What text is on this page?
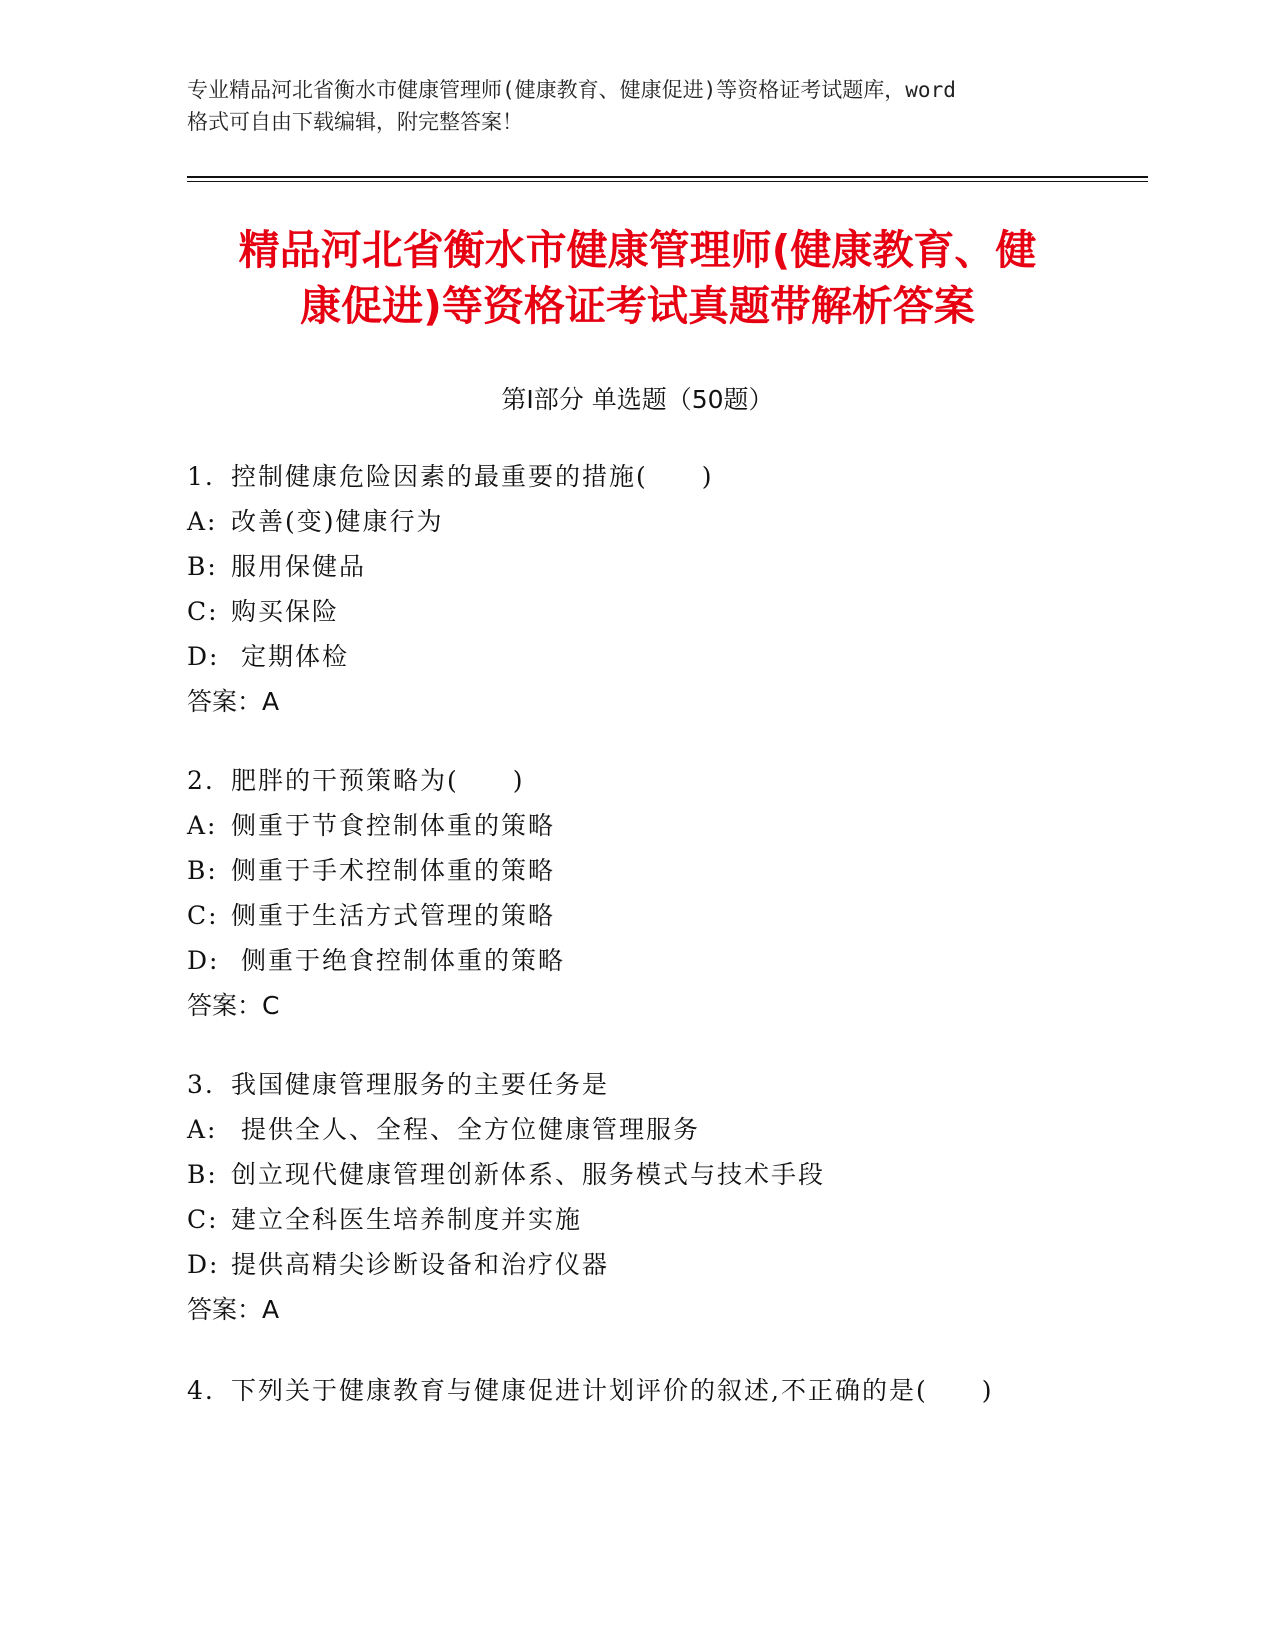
专业精品河北省衡水市健康管理师(健康教育、健康促进)等资格证考试题库，word
格式可自由下载编辑，附完整答案！
精品河北省衡水市健康管理师(健康教育、健
康促进)等资格证考试真题带解析答案
第Ⅰ部分 单选题（50题）
1. 控制健康危险因素的最重要的措施(　　)
A: 改善(变)健康行为
B: 服用保健品
C: 购买保险
D: 定期体检
答案：A
2. 肥胖的干预策略为(　　)
A: 侧重于节食控制体重的策略
B: 侧重于手术控制体重的策略
C: 侧重于生活方式管理的策略
D: 侧重于绝食控制体重的策略
答案：C
3. 我国健康管理服务的主要任务是
A: 提供全人、全程、全方位健康管理服务
B: 创立现代健康管理创新体系、服务模式与技术手段
C: 建立全科医生培养制度并实施
D: 提供高精尖诊断设备和治疗仪器
答案：A
4. 下列关于健康教育与健康促进计划评价的叙述,不正确的是(　　)
